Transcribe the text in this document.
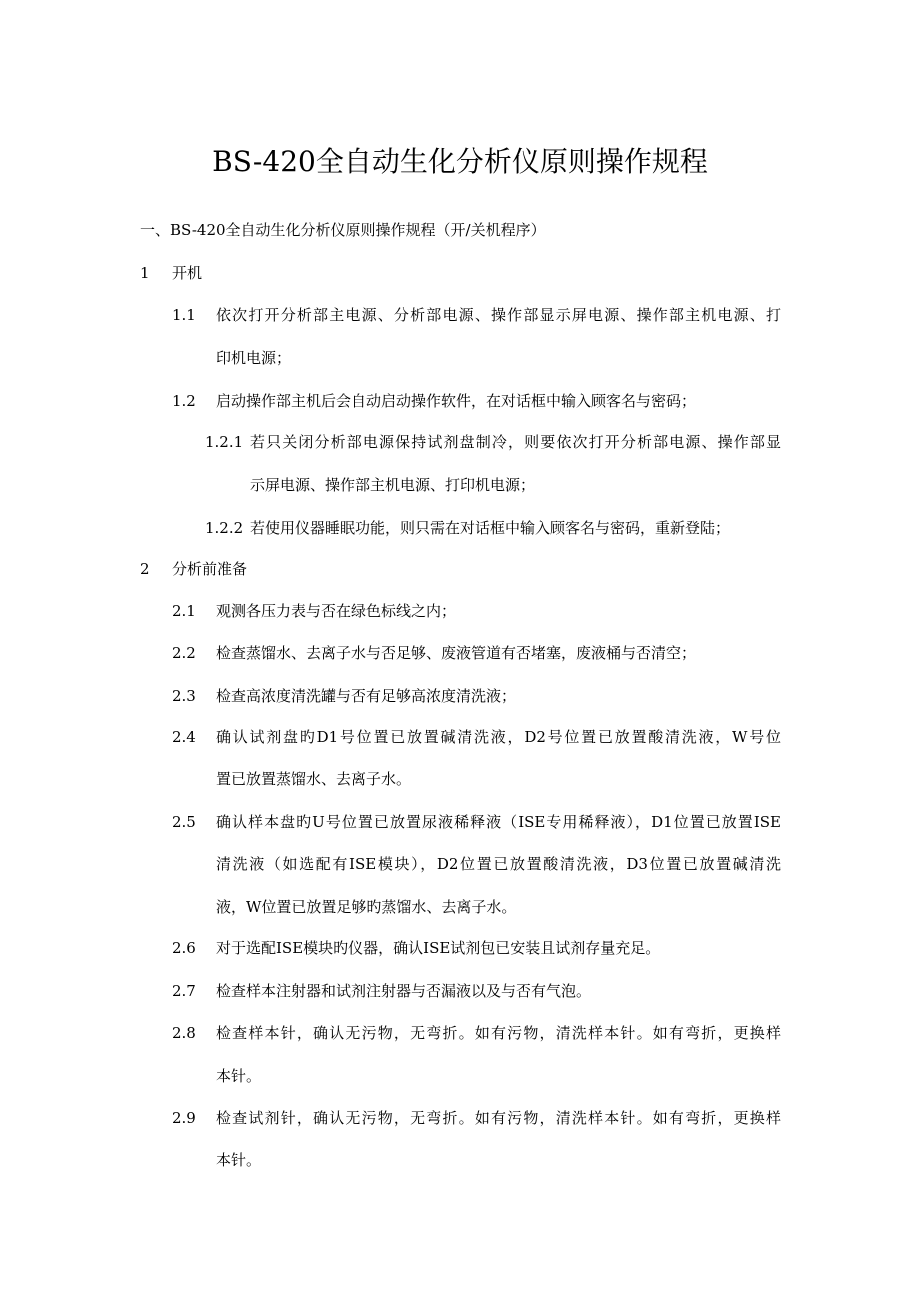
BS-420全自动生化分析仪原则操作规程
一、BS-420全自动生化分析仪原则操作规程（开/关机程序）
1 开机
1.1 依次打开分析部主电源、分析部电源、操作部显示屏电源、操作部主机电源、打
印机电源；
1.2 启动操作部主机后会自动启动操作软件，在对话框中输入顾客名与密码；
1.2.1 若只关闭分析部电源保持试剂盘制冷，则要依次打开分析部电源、操作部显
示屏电源、操作部主机电源、打印机电源；
1.2.2 若使用仪器睡眠功能，则只需在对话框中输入顾客名与密码，重新登陆；
2 分析前准备
2.1 观测各压力表与否在绿色标线之内；
2.2 检查蒸馏水、去离子水与否足够、废液管道有否堵塞，废液桶与否清空；
2.3 检查高浓度清洗罐与否有足够高浓度清洗液；
2.4 确认试剂盘旳D1号位置已放置碱清洗液，D2号位置已放置酸清洗液，W号位
置已放置蒸馏水、去离子水。
2.5 确认样本盘旳U号位置已放置尿液稀释液（ISE专用稀释液），D1位置已放置ISE
清洗液（如选配有ISE模块），D2位置已放置酸清洗液，D3位置已放置碱清洗
液，W位置已放置足够旳蒸馏水、去离子水。
2.6 对于选配ISE模块旳仪器，确认ISE试剂包已安装且试剂存量充足。
2.7 检查样本注射器和试剂注射器与否漏液以及与否有气泡。
2.8 检查样本针，确认无污物，无弯折。如有污物，清洗样本针。如有弯折，更换样
本针。
2.9 检查试剂针，确认无污物，无弯折。如有污物，清洗样本针。如有弯折，更换样
本针。
